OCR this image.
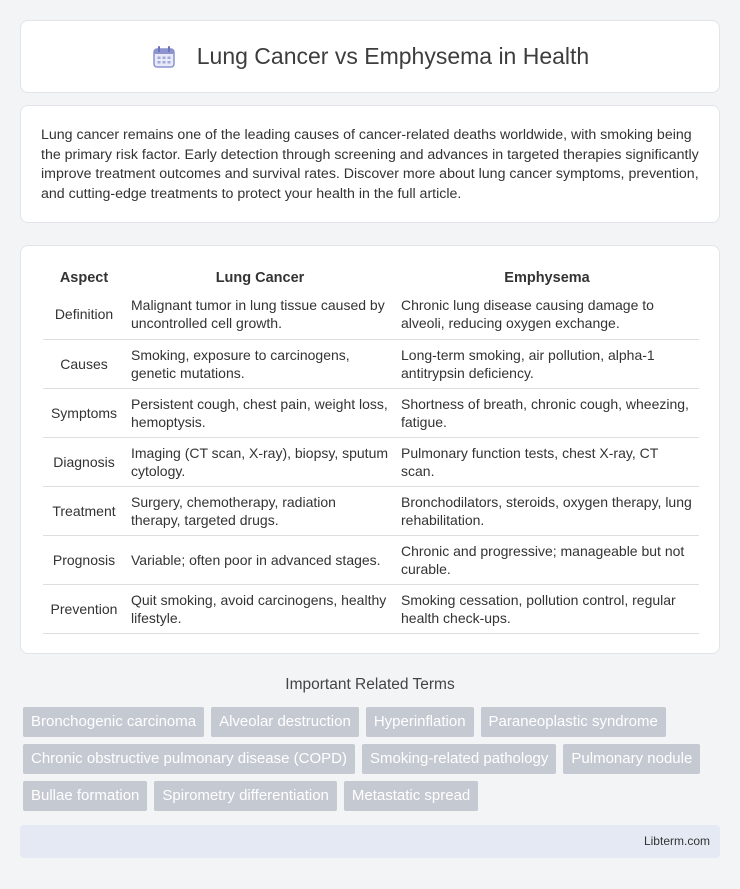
Lung Cancer vs Emphysema in Health

Lung cancer remains one of the leading causes of cancer-related deaths worldwide, with smoking being the primary risk factor. Early detection through screening and advances in targeted therapies significantly improve treatment outcomes and survival rates. Discover more about lung cancer symptoms, prevention, and cutting-edge treatments to protect your health in the full article.

Aspect	Lung Cancer	Emphysema
Definition	Malignant tumor in lung tissue caused by uncontrolled cell growth.	Chronic lung disease causing damage to alveoli, reducing oxygen exchange.
Causes	Smoking, exposure to carcinogens, genetic mutations.	Long-term smoking, air pollution, alpha-1 antitrypsin deficiency.
Symptoms	Persistent cough, chest pain, weight loss, hemoptysis.	Shortness of breath, chronic cough, wheezing, fatigue.
Diagnosis	Imaging (CT scan, X-ray), biopsy, sputum cytology.	Pulmonary function tests, chest X-ray, CT scan.
Treatment	Surgery, chemotherapy, radiation therapy, targeted drugs.	Bronchodilators, steroids, oxygen therapy, lung rehabilitation.
Prognosis	Variable; often poor in advanced stages.	Chronic and progressive; manageable but not curable.
Prevention	Quit smoking, avoid carcinogens, healthy lifestyle.	Smoking cessation, pollution control, regular health check-ups.
Important Related Terms
Bronchogenic carcinoma	Alveolar destruction	Hyperinflation	Paraneoplastic syndrome
Chronic obstructive pulmonary disease (COPD)	Smoking-related pathology	Pulmonary nodule
Bullae formation	Spirometry differentiation	Metastatic spread
Libterm.com
